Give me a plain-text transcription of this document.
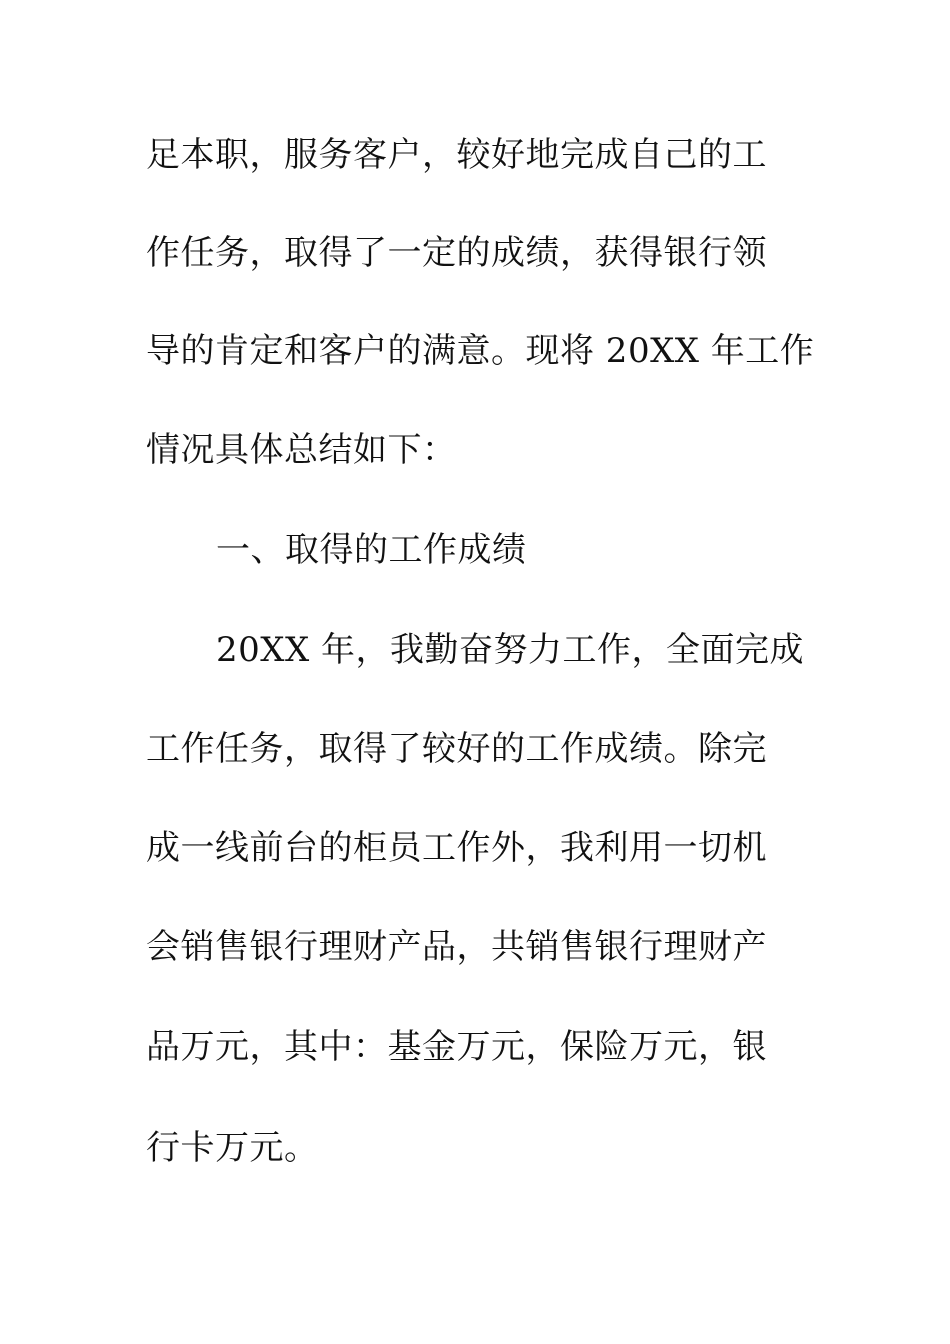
足本职，服务客户，较好地完成自己的工
作任务，取得了一定的成绩，获得银行领
导的肯定和客户的满意。现将 20XX 年工作
情况具体总结如下：
一、取得的工作成绩
20XX 年，我勤奋努力工作，全面完成
工作任务，取得了较好的工作成绩。除完
成一线前台的柜员工作外，我利用一切机
会销售银行理财产品，共销售银行理财产
品万元，其中：基金万元，保险万元，银
行卡万元。
